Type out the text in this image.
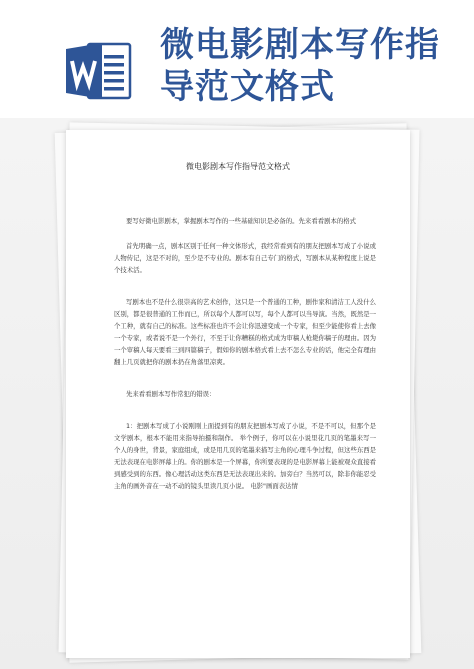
微电影剧本写作指导范文格式
微电影剧本写作指导范文格式

要写好微电影剧本，掌握剧本写作的一些基础知识是必备的。先来看看剧本的格式

首先明确一点，剧本区别于任何一种文体形式，我经常看到有的朋友把剧本写成了小说或人物传记，这是不对的，至少是不专业的。剧本有自己专门的格式，写剧本从某种程度上说是个技术活。

写剧本也不是什么很崇高的艺术创作，这只是一个普通的工种，剧作家和清洁工人没什么区别，都是很普通的工作而已，所以每个人都可以写，每个人都可以当导演。当然，既然是一个工种，就有自己的标准。这些标准也许不会让你迅速变成一个专家，但至少能使你看上去像一个专家，或者说不是一个外行，不至于让你糟糕的格式成为审稿人枪毙你稿子的理由。因为一个审稿人每天要看三到四篇稿子，假如你的剧本格式看上去不怎么专业的话，他完全有理由翻上几页就把你的剧本扔在角落里凉爽。

先来看看剧本写作常犯的错误：

1：把剧本写成了小说刚刚上面提到有的朋友把剧本写成了小说，不是不可以，但那个是文学剧本，根本不能用来指导拍摄和制作。 举个例子，你可以在小说里花几页的笔墨来写一个人的身世，背景，家庭组成，或是用几页的笔墨来描写主角的心理斗争过程，但这些东西是无法表现在电影屏幕上的。你的剧本是一个屏幕，你所要表现的是电影屏幕上能被观众直接看到感受到的东西。像心理活动这类东西是无法表现出来的。加旁白？当然可以，除非你能忍受主角的画外音在一动不动的镜头里读几页小说。 电影"画面表达情
